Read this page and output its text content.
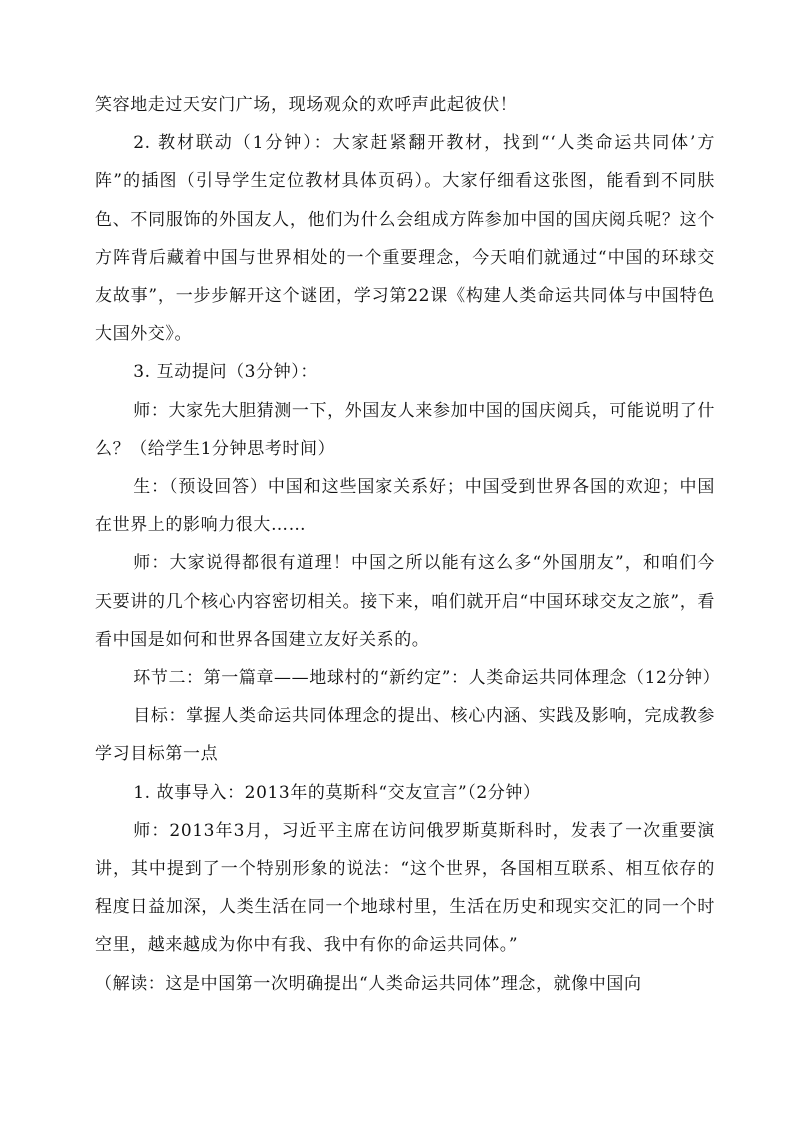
笑容地走过天安门广场，现场观众的欢呼声此起彼伏！

2. 教材联动（1分钟）：大家赶紧翻开教材，找到“‘人类命运共同体’方阵”的插图（引导学生定位教材具体页码）。大家仔细看这张图，能看到不同肤色、不同服饰的外国友人，他们为什么会组成方阵参加中国的国庆阅兵呢？这个方阵背后藏着中国与世界相处的一个重要理念，今天咱们就通过“中国的环球交友故事”，一步步解开这个谜团，学习第22课《构建人类命运共同体与中国特色大国外交》。

3. 互动提问（3分钟）：

师：大家先大胆猜测一下，外国友人来参加中国的国庆阅兵，可能说明了什么？（给学生1分钟思考时间）

生：（预设回答）中国和这些国家关系好；中国受到世界各国的欢迎；中国在世界上的影响力很大……

师：大家说得都很有道理！中国之所以能有这么多“外国朋友”，和咱们今天要讲的几个核心内容密切相关。接下来，咱们就开启“中国环球交友之旅”，看看中国是如何和世界各国建立友好关系的。

环节二：第一篇章——地球村的“新约定”：人类命运共同体理念（12分钟）

目标：掌握人类命运共同体理念的提出、核心内涵、实践及影响，完成教参学习目标第一点

1. 故事导入：2013年的莫斯科“交友宣言”（2分钟）

师：2013年3月，习近平主席在访问俄罗斯莫斯科时，发表了一次重要演讲，其中提到了一个特别形象的说法：“这个世界，各国相互联系、相互依存的程度日益加深，人类生活在同一个地球村里，生活在历史和现实交汇的同一个时空里，越来越成为你中有我、我中有你的命运共同体。”

（解读：这是中国第一次明确提出“人类命运共同体”理念，就像中国向
